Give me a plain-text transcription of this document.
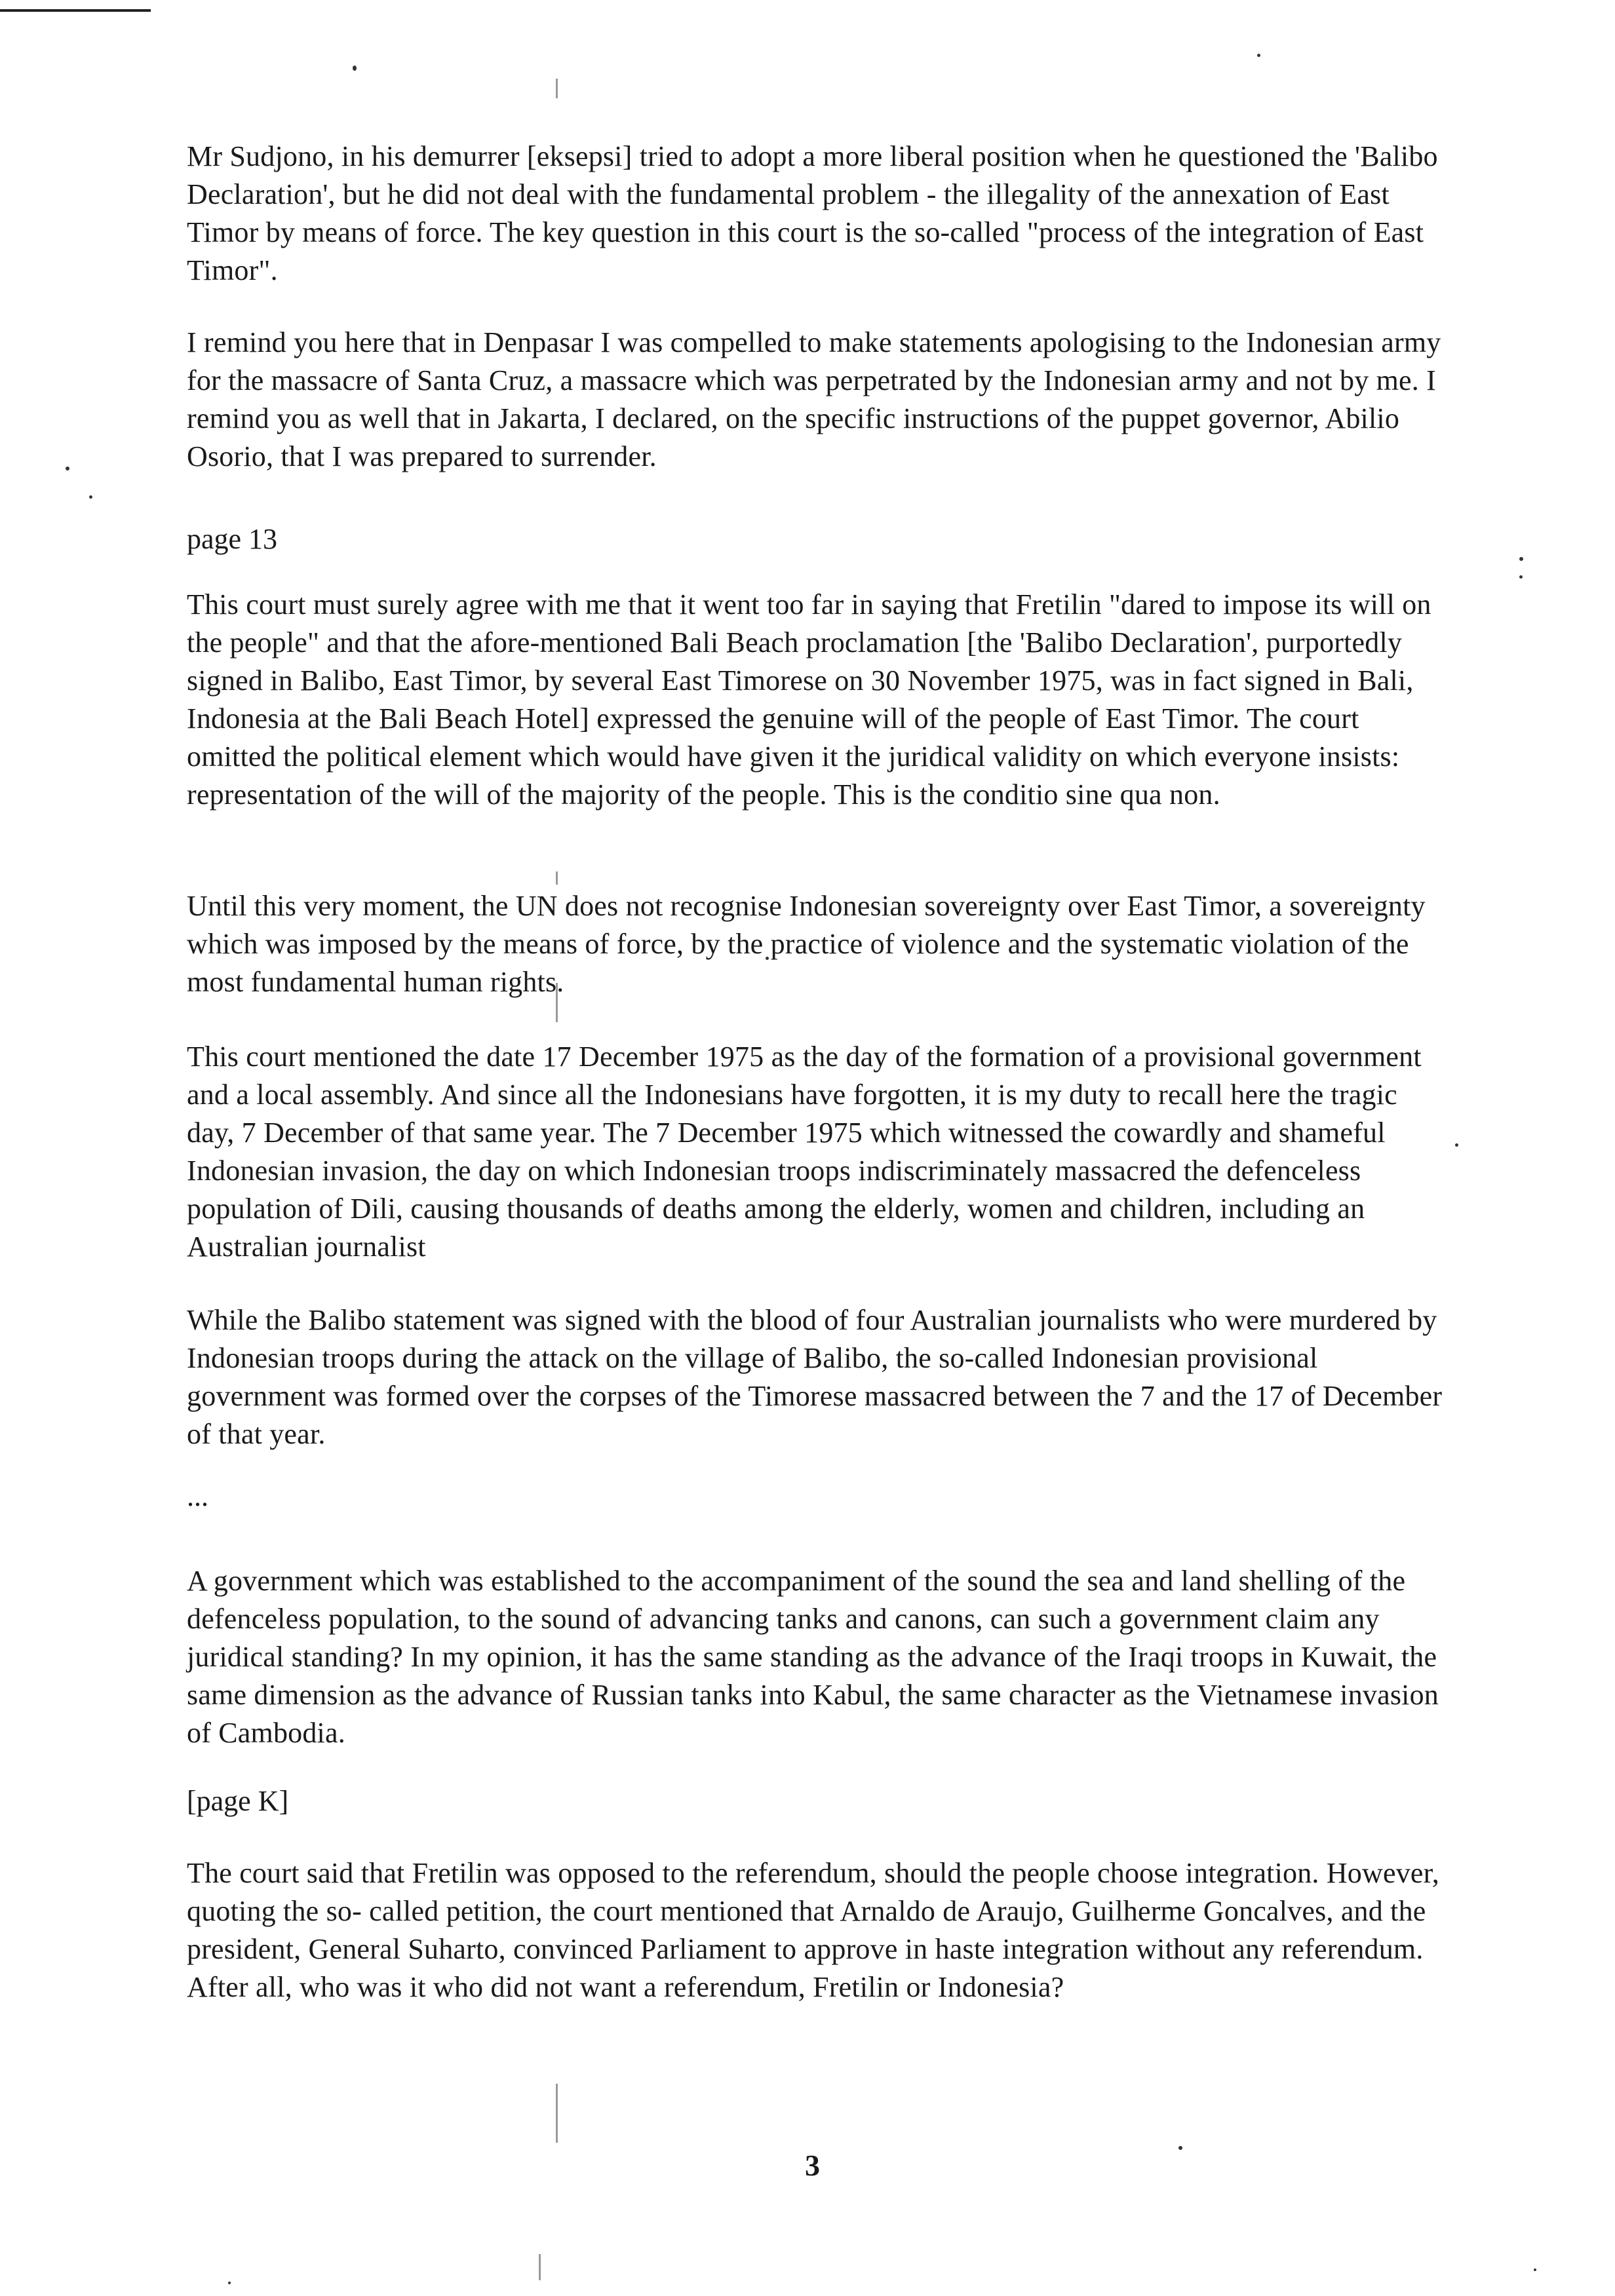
Mr Sudjono, in his demurrer [eksepsi] tried to adopt a more liberal position when he questioned the 'Balibo Declaration', but he did not deal with the fundamental problem - the illegality of the annexation of East Timor by means of force. The key question in this court is the so-called "process of the integration of East Timor".

I remind you here that in Denpasar I was compelled to make statements apologising to the Indonesian army for the massacre of Santa Cruz, a massacre which was perpetrated by the Indonesian army and not by me. I remind you as well that in Jakarta, I declared, on the specific instructions of the puppet governor, Abilio Osorio, that I was prepared to surrender.

page 13

This court must surely agree with me that it went too far in saying that Fretilin "dared to impose its will on the people" and that the afore-mentioned Bali Beach proclamation [the 'Balibo Declaration', purportedly signed in Balibo, East Timor, by several East Timorese on 30 November 1975, was in fact signed in Bali, Indonesia at the Bali Beach Hotel] expressed the genuine will of the people of East Timor. The court omitted the political element which would have given it the juridical validity on which everyone insists: representation of the will of the majority of the people. This is the conditio sine qua non.

Until this very moment, the UN does not recognise Indonesian sovereignty over East Timor, a sovereignty which was imposed by the means of force, by the practice of violence and the systematic violation of the most fundamental human rights.

This court mentioned the date 17 December 1975 as the day of the formation of a provisional government and a local assembly. And since all the Indonesians have forgotten, it is my duty to recall here the tragic day, 7 December of that same year. The 7 December 1975 which witnessed the cowardly and shameful Indonesian invasion, the day on which Indonesian troops indiscriminately massacred the defenceless population of Dili, causing thousands of deaths among the elderly, women and children, including an Australian journalist

While the Balibo statement was signed with the blood of four Australian journalists who were murdered by Indonesian troops during the attack on the village of Balibo, the so-called Indonesian provisional government was formed over the corpses of the Timorese massacred between the 7 and the 17 of December of that year.

...

A government which was established to the accompaniment of the sound the sea and land shelling of the defenceless population, to the sound of advancing tanks and canons, can such a government claim any juridical standing? In my opinion, it has the same standing as the advance of the Iraqi troops in Kuwait, the same dimension as the advance of Russian tanks into Kabul, the same character as the Vietnamese invasion of Cambodia.

[page K]

The court said that Fretilin was opposed to the referendum, should the people choose integration. However, quoting the so- called petition, the court mentioned that Arnaldo de Araujo, Guilherme Goncalves, and the president, General Suharto, convinced Parliament to approve in haste integration without any referendum. After all, who was it who did not want a referendum, Fretilin or Indonesia?

3
